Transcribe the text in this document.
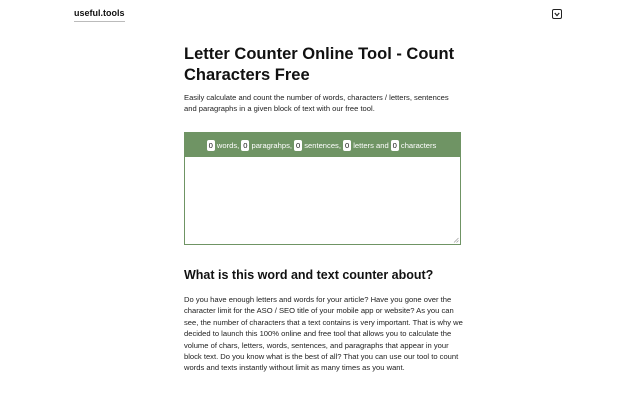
useful.tools
Letter Counter Online Tool - Count Characters Free

Easily calculate and count the number of words, characters / letters, sentences and paragraphs in a given block of text with our free tool.

0 words, 0 paragrahps, 0 sentences, 0 letters and 0 characters
What is this word and text counter about?

Do you have enough letters and words for your article? Have you gone over the character limit for the ASO / SEO title of your mobile app or website? As you can see, the number of characters that a text contains is very important. That is why we decided to launch this 100% online and free tool that allows you to calculate the volume of chars, letters, words, sentences, and paragraphs that appear in your block text. Do you know what is the best of all? That you can use our tool to count words and texts instantly without limit as many times as you want.
